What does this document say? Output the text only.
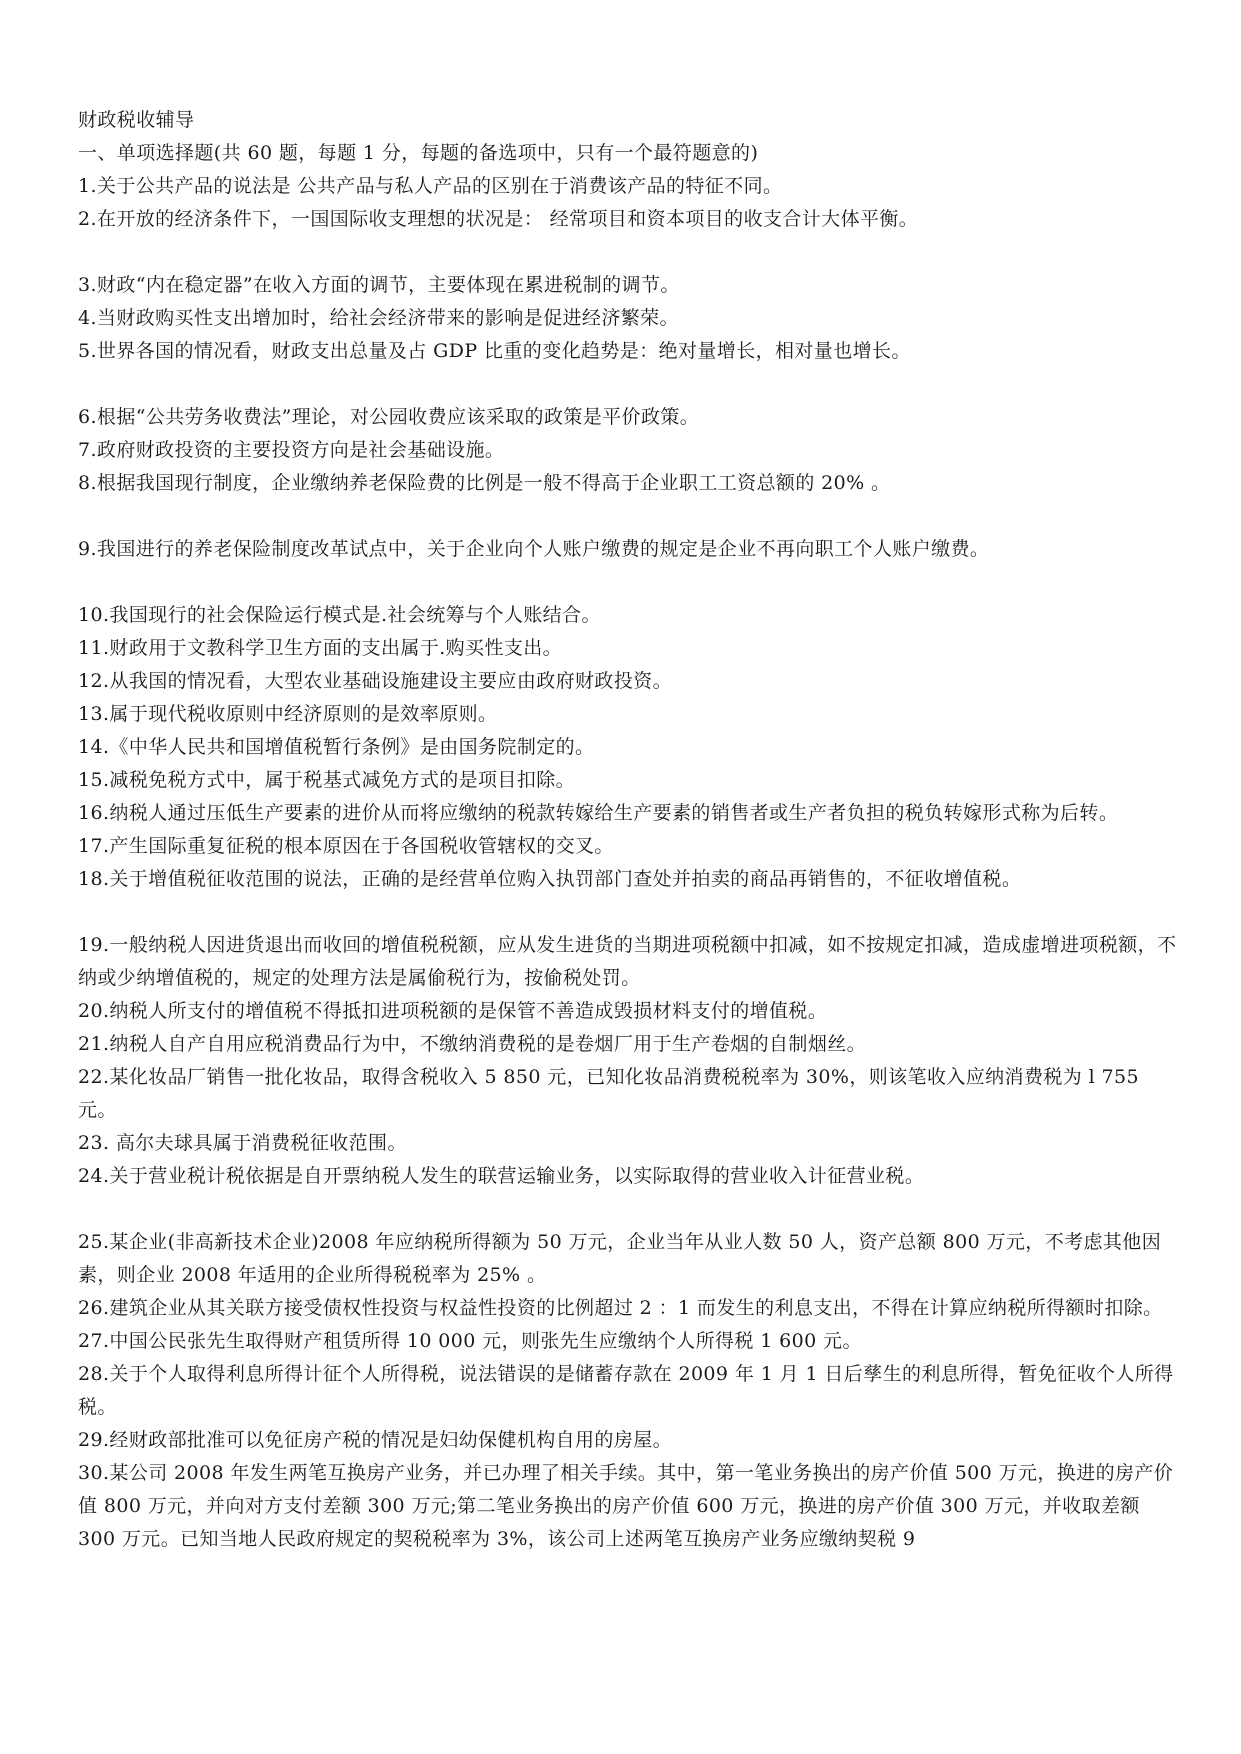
财政税收辅导

一、单项选择题(共 60 题，每题 1 分，每题的备选项中，只有一个最符题意的)

1.关于公共产品的说法是 公共产品与私人产品的区别在于消费该产品的特征不同。

2.在开放的经济条件下，一国国际收支理想的状况是： 经常项目和资本项目的收支合计大体平衡。

3.财政“内在稳定器”在收入方面的调节，主要体现在累进税制的调节。

4.当财政购买性支出增加时，给社会经济带来的影响是促进经济繁荣。

5.世界各国的情况看，财政支出总量及占 GDP 比重的变化趋势是：绝对量增长，相对量也增长。

6.根据“公共劳务收费法”理论，对公园收费应该采取的政策是平价政策。

7.政府财政投资的主要投资方向是社会基础设施。

8.根据我国现行制度，企业缴纳养老保险费的比例是一般不得高于企业职工工资总额的 20% 。

9.我国进行的养老保险制度改革试点中，关于企业向个人账户缴费的规定是企业不再向职工个人账户缴费。

10.我国现行的社会保险运行模式是.社会统筹与个人账结合。

11.财政用于文教科学卫生方面的支出属于.购买性支出。

12.从我国的情况看，大型农业基础设施建设主要应由政府财政投资。

13.属于现代税收原则中经济原则的是效率原则。

14.《中华人民共和国增值税暂行条例》是由国务院制定的。

15.减税免税方式中，属于税基式减免方式的是项目扣除。

16.纳税人通过压低生产要素的进价从而将应缴纳的税款转嫁给生产要素的销售者或生产者负担的税负转嫁形式称为后转。

17.产生国际重复征税的根本原因在于各国税收管辖权的交叉。

18.关于增值税征收范围的说法，正确的是经营单位购入执罚部门查处并拍卖的商品再销售的，不征收增值税。

19.一般纳税人因进货退出而收回的增值税税额，应从发生进货的当期进项税额中扣减，如不按规定扣减，造成虚增进项税额，不纳或少纳增值税的，规定的处理方法是属偷税行为，按偷税处罚。

20.纳税人所支付的增值税不得抵扣进项税额的是保管不善造成毁损材料支付的增值税。

21.纳税人自产自用应税消费品行为中，不缴纳消费税的是卷烟厂用于生产卷烟的自制烟丝。

22.某化妆品厂销售一批化妆品，取得含税收入 5 850 元，已知化妆品消费税税率为 30%，则该笔收入应纳消费税为 l 755 元。

23. 高尔夫球具属于消费税征收范围。

24.关于营业税计税依据是自开票纳税人发生的联营运输业务，以实际取得的营业收入计征营业税。

25.某企业(非高新技术企业)2008 年应纳税所得额为 50 万元，企业当年从业人数 50 人，资产总额 800 万元，不考虑其他因素，则企业 2008 年适用的企业所得税税率为 25% 。

26.建筑企业从其关联方接受债权性投资与权益性投资的比例超过 2 ：1 而发生的利息支出，不得在计算应纳税所得额时扣除。

27.中国公民张先生取得财产租赁所得 10 000 元，则张先生应缴纳个人所得税 1 600 元。

28.关于个人取得利息所得计征个人所得税，说法错误的是储蓄存款在 2009 年 1 月 1 日后孳生的利息所得，暂免征收个人所得税。

29.经财政部批准可以免征房产税的情况是妇幼保健机构自用的房屋。

30.某公司 2008 年发生两笔互换房产业务，并已办理了相关手续。其中，第一笔业务换出的房产价值 500 万元，换进的房产价值 800 万元，并向对方支付差额 300 万元;第二笔业务换出的房产价值 600 万元，换进的房产价值 300 万元，并收取差额 300 万元。已知当地人民政府规定的契税税率为 3%，该公司上述两笔互换房产业务应缴纳契税 9
